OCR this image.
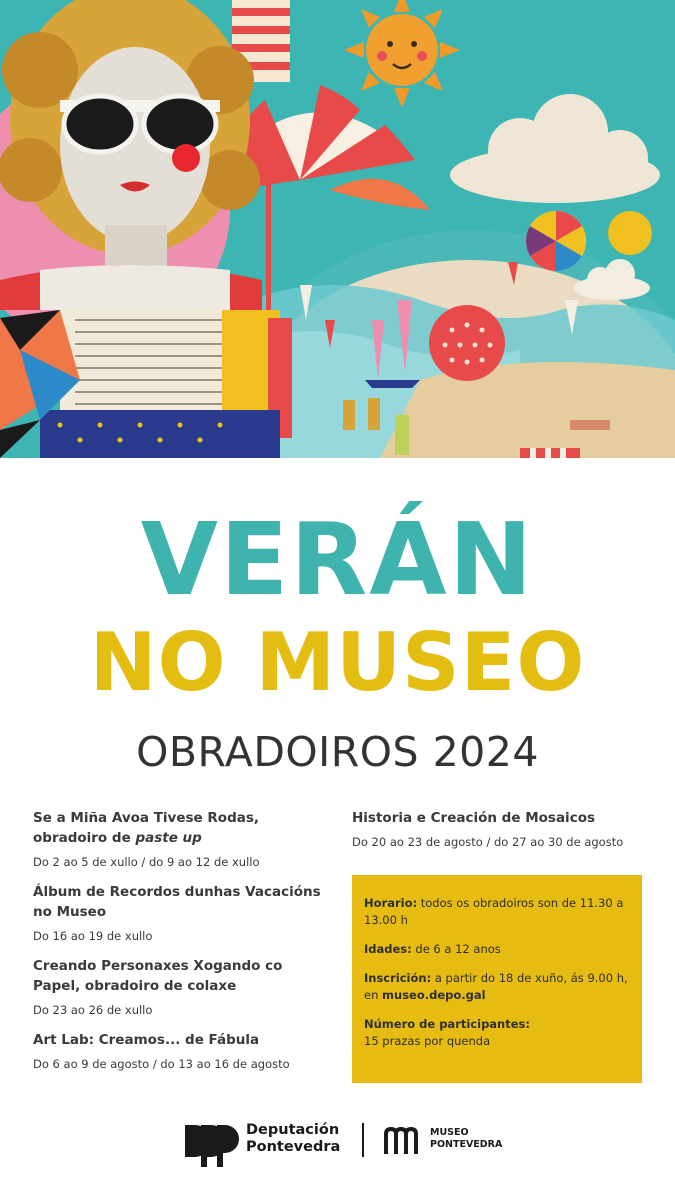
VERÁN
NO MUSEO
OBRADOIROS 2024
Se a Miña Avoa Tivese Rodas, obradoiro de paste up
Do 2 ao 5 de xullo / do 9 ao 12 de xullo
Álbum de Recordos dunhas Vacacións no Museo
Do 16 ao 19 de xullo
Creando Personaxes Xogando co Papel, obradoiro de colaxe
Do 23 ao 26 de xullo
Art Lab: Creamos... de Fábula
Do 6 ao 9 de agosto / do 13 ao 16 de agosto
Historia e Creación de Mosaicos
Do 20 ao 23 de agosto / do 27 ao 30 de agosto

Horario: todos os obradoiros son de 11.30 a 13.00 h

Idades: de 6 a 12 anos

Inscrición: a partir do 18 de xuño, ás 9.00 h, en museo.depo.gal

Número de participantes:
15 prazas por quenda

Deputación
Pontevedra
MUSEO
PONTEVEDRA
